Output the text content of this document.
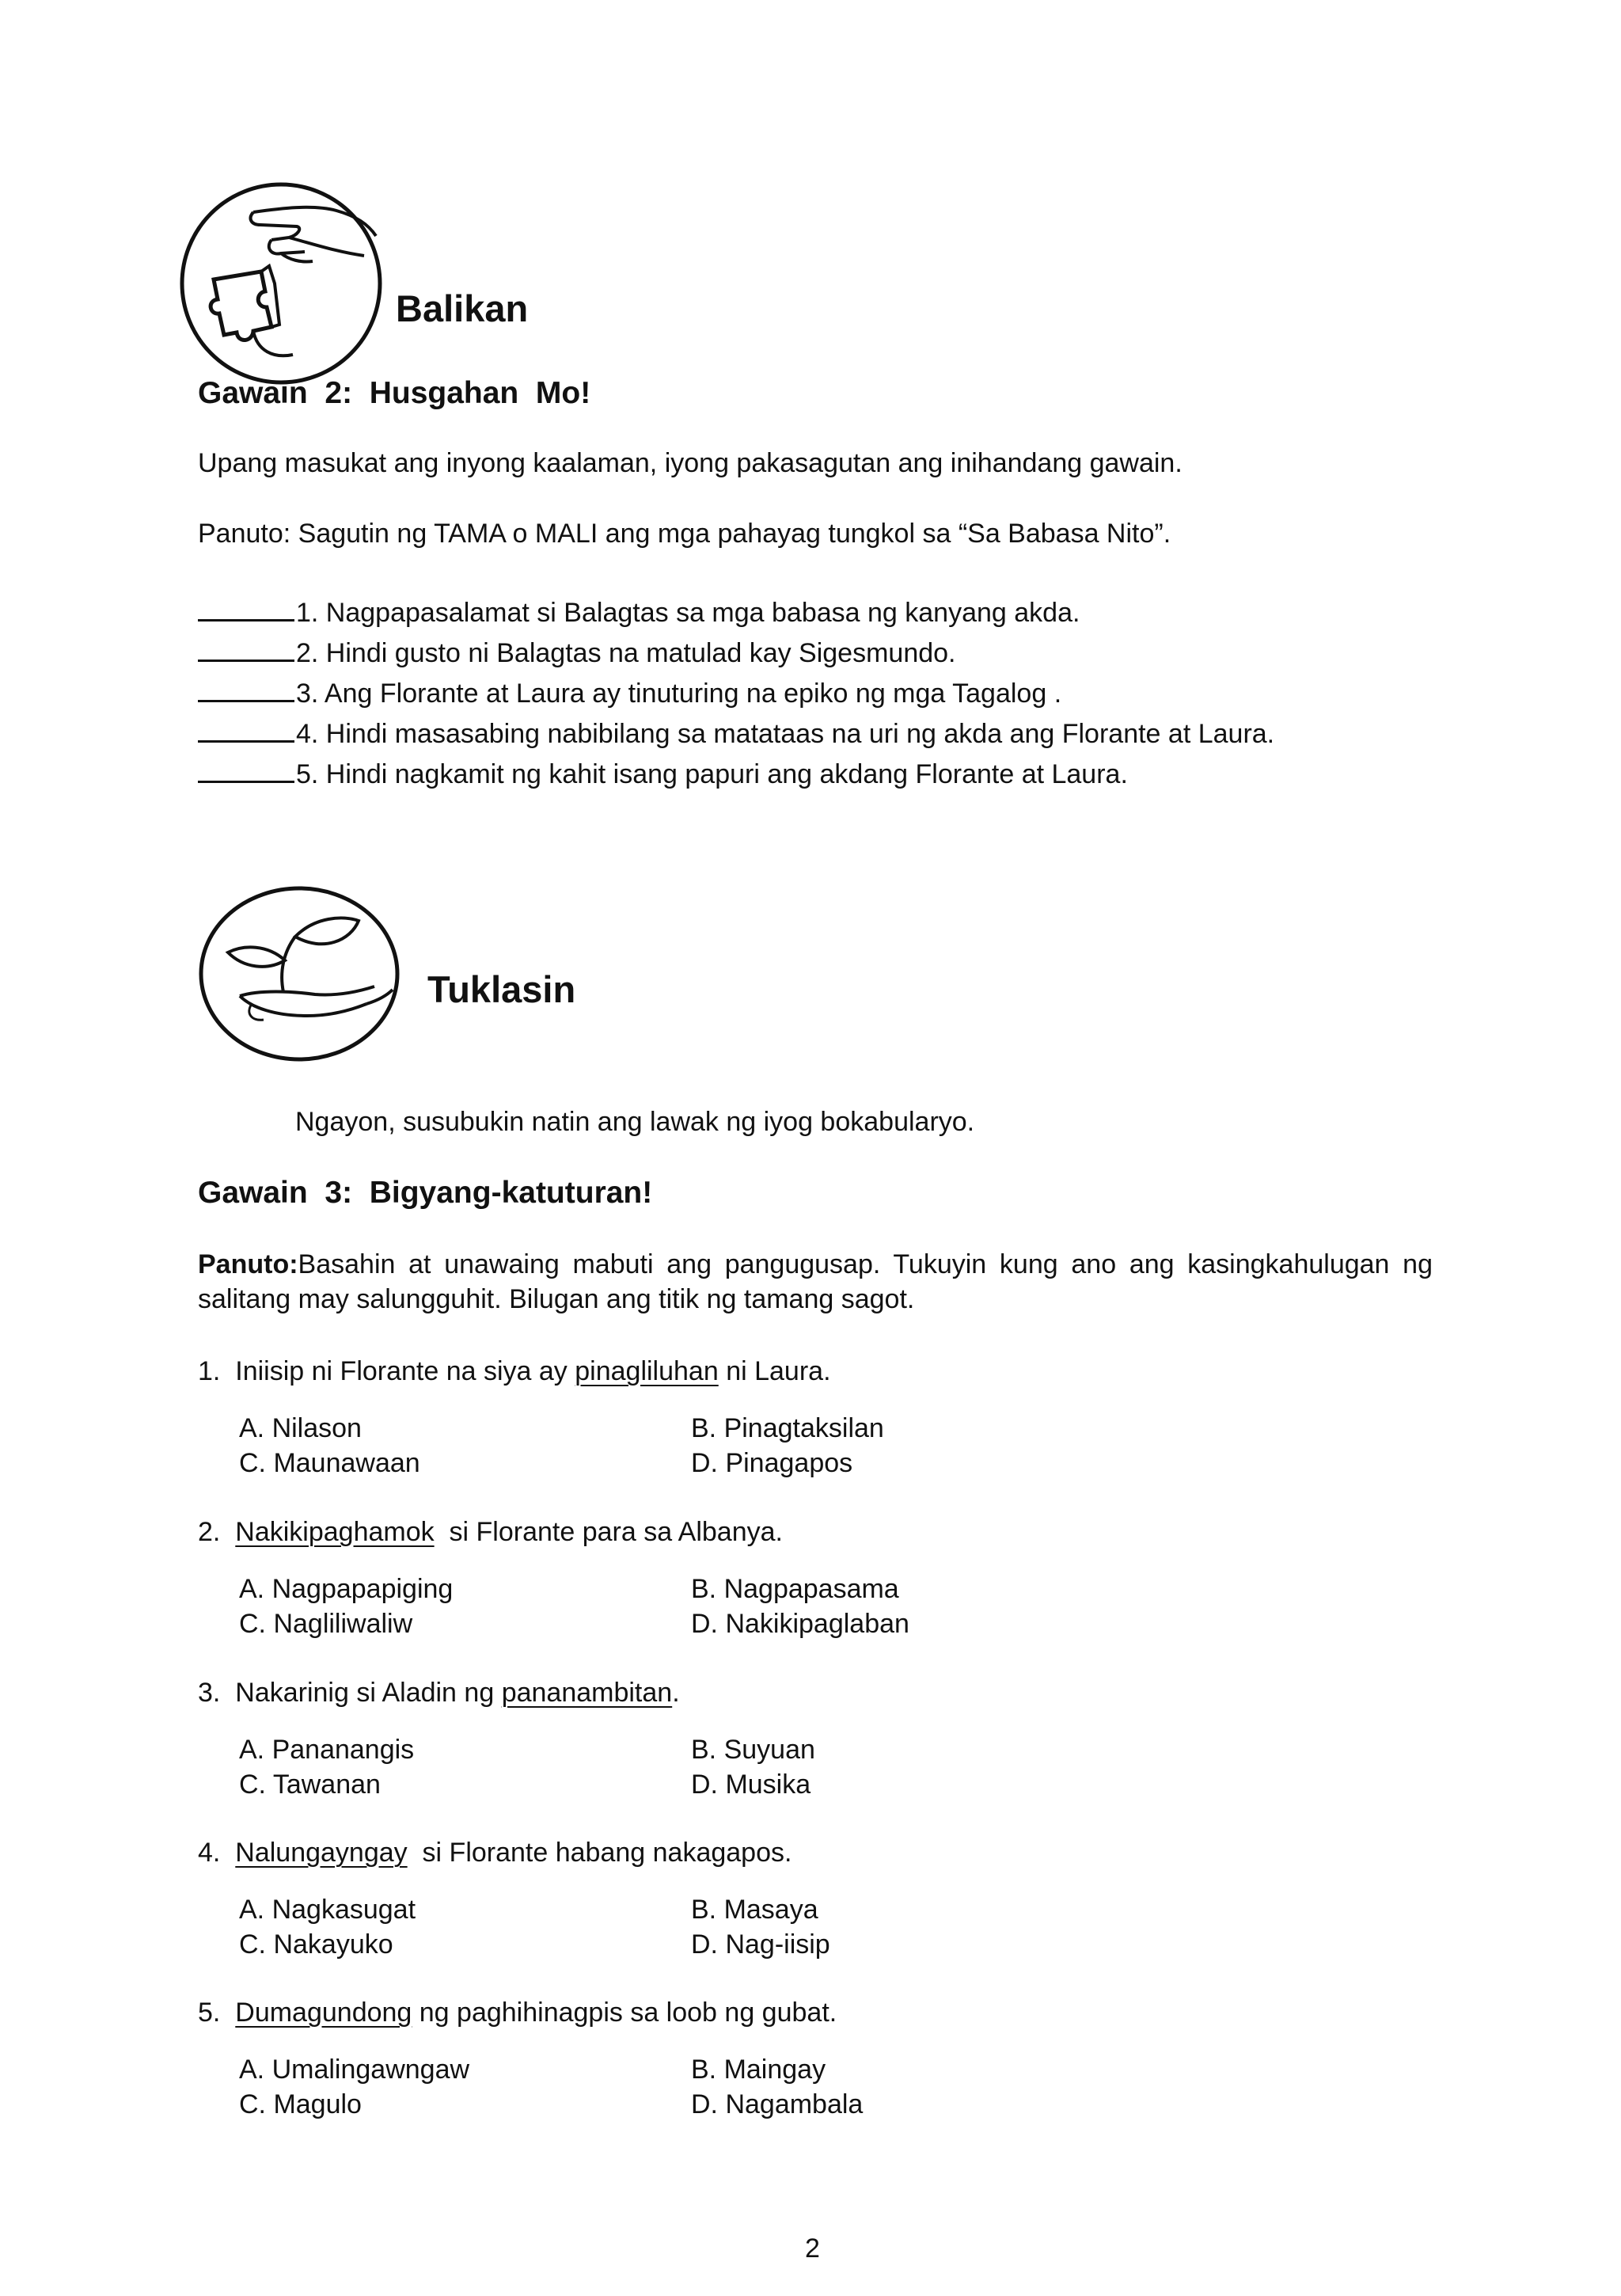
Balikan
Gawain  2:  Husgahan  Mo!
Upang masukat ang inyong kaalaman, iyong pakasagutan ang inihandang gawain.
Panuto: Sagutin ng TAMA o MALI ang mga pahayag tungkol sa “Sa Babasa Nito”.
1. Nagpapasalamat si Balagtas sa mga babasa ng kanyang akda.
2. Hindi gusto ni Balagtas na matulad kay Sigesmundo.
3. Ang Florante at Laura ay tinuturing na epiko ng mga Tagalog .
4. Hindi masasabing nabibilang sa matataas na uri ng akda ang Florante at Laura.
5. Hindi nagkamit ng kahit isang papuri ang akdang Florante at Laura.
Tuklasin
Ngayon, susubukin natin ang lawak ng iyog bokabularyo.
Gawain  3:  Bigyang-katuturan!
Panuto:Basahin at unawaing mabuti ang pangugusap. Tukuyin kung ano ang kasingkahulugan ng salitang may salungguhit. Bilugan ang titik ng tamang sagot.
1. Iniisip ni Florante na siya ay pinagliluhan ni Laura.
A. Nilason	B. Pinagtaksilan
C. Maunawaan	D. Pinagapos
2. Nakikipaghamok  si Florante para sa Albanya.
A. Nagpapapiging	B. Nagpapasama
C. Nagliliwaliw	D. Nakikipaglaban
3. Nakarinig si Aladin ng pananambitan.
A. Pananangis	B. Suyuan
C. Tawanan	D. Musika
4. Nalungayngay  si Florante habang nakagapos.
A. Nagkasugat	B. Masaya
C. Nakayuko	D. Nag-iisip
5. Dumagundong ng paghihinagpis sa loob ng gubat.
A. Umalingawngaw	B. Maingay
C. Magulo	D. Nagambala
2
